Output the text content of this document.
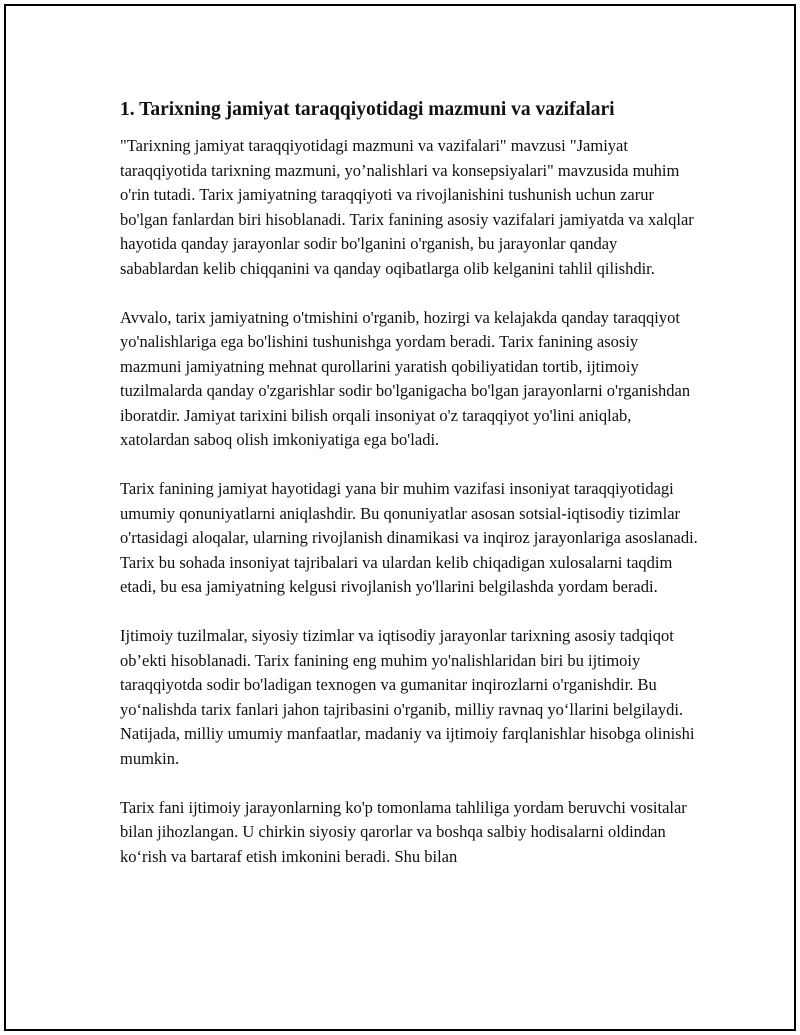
1. Tarixning jamiyat taraqqiyotidagi mazmuni va vazifalari

"Tarixning jamiyat taraqqiyotidagi mazmuni va vazifalari" mavzusi "Jamiyat taraqqiyotida tarixning mazmuni, yo’nalishlari va konsepsiyalari" mavzusida muhim o'rin tutadi. Tarix jamiyatning taraqqiyoti va rivojlanishini tushunish uchun zarur bo'lgan fanlardan biri hisoblanadi. Tarix fanining asosiy vazifalari jamiyatda va xalqlar hayotida qanday jarayonlar sodir bo'lganini o'rganish, bu jarayonlar qanday sabablardan kelib chiqqanini va qanday oqibatlarga olib kelganini tahlil qilishdir.

Avvalo, tarix jamiyatning o'tmishini o'rganib, hozirgi va kelajakda qanday taraqqiyot yo'nalishlariga ega bo'lishini tushunishga yordam beradi. Tarix fanining asosiy mazmuni jamiyatning mehnat qurollarini yaratish qobiliyatidan tortib, ijtimoiy tuzilmalarda qanday o'zgarishlar sodir bo'lganigacha bo'lgan jarayonlarni o'rganishdan iboratdir. Jamiyat tarixini bilish orqali insoniyat o'z taraqqiyot yo'lini aniqlab, xatolardan saboq olish imkoniyatiga ega bo'ladi.

Tarix fanining jamiyat hayotidagi yana bir muhim vazifasi insoniyat taraqqiyotidagi umumiy qonuniyatlarni aniqlashdir. Bu qonuniyatlar asosan sotsial-iqtisodiy tizimlar o'rtasidagi aloqalar, ularning rivojlanish dinamikasi va inqiroz jarayonlariga asoslanadi. Tarix bu sohada insoniyat tajribalari va ulardan kelib chiqadigan xulosalarni taqdim etadi, bu esa jamiyatning kelgusi rivojlanish yo'llarini belgilashda yordam beradi.

Ijtimoiy tuzilmalar, siyosiy tizimlar va iqtisodiy jarayonlar tarixning asosiy tadqiqot ob’ekti hisoblanadi. Tarix fanining eng muhim yo'nalishlaridan biri bu ijtimoiy taraqqiyotda sodir bo'ladigan texnogen va gumanitar inqirozlarni o'rganishdir. Bu yo‘nalishda tarix fanlari jahon tajribasini o'rganib, milliy ravnaq yo‘llarini belgilaydi. Natijada, milliy umumiy manfaatlar, madaniy va ijtimoiy farqlanishlar hisobga olinishi mumkin.

Tarix fani ijtimoiy jarayonlarning ko'p tomonlama tahliliga yordam beruvchi vositalar bilan jihozlangan. U chirkin siyosiy qarorlar va boshqa salbiy hodisalarni oldindan ko‘rish va bartaraf etish imkonini beradi. Shu bilan
